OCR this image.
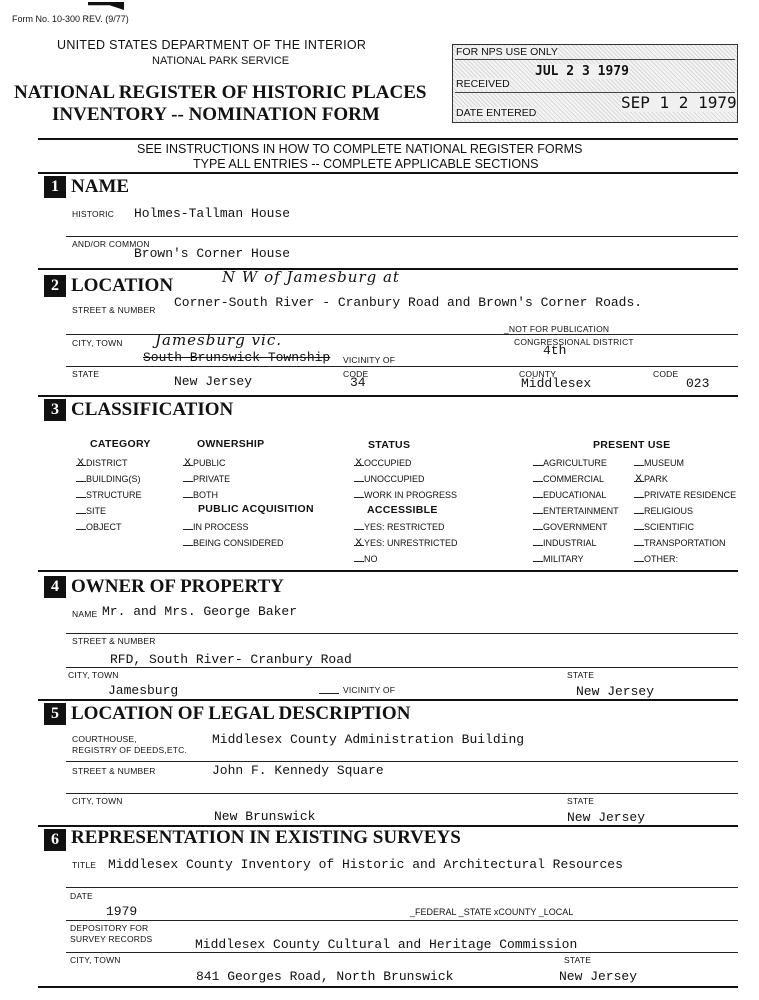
Form No. 10-300 REV. (9/77)
UNITED STATES DEPARTMENT OF THE INTERIOR
NATIONAL PARK SERVICE
NATIONAL REGISTER OF HISTORIC PLACES
INVENTORY -- NOMINATION FORM
FOR NPS USE ONLY
RECEIVED
JUL 2 3 1979
DATE ENTERED
SEP 1 2 1979
SEE INSTRUCTIONS IN HOW TO COMPLETE NATIONAL REGISTER FORMS
TYPE ALL ENTRIES -- COMPLETE APPLICABLE SECTIONS
1 NAME
HISTORIC Holmes-Tallman House
AND/OR COMMON
Brown's Corner House
2 LOCATION	N W of Jamesburg at
STREET & NUMBER Corner-South River - Cranbury Road and Brown's Corner Roads.
_NOT FOR PUBLICATION
CITY, TOWN Jamesburg vic.
South-Brunswick-Township VICINITY OF
CONGRESSIONAL DISTRICT
4th
STATE	New Jersey	CODE
34
COUNTY
Middlesex
CODE
023
3 CLASSIFICATION
CATEGORY
x DISTRICT
BUILDING(S)
STRUCTURE
SITE
OBJECT
OWNERSHIP
x PUBLIC
PRIVATE
BOTH
PUBLIC ACQUISITION
IN PROCESS
BEING CONSIDERED
STATUS
x OCCUPIED
UNOCCUPIED
WORK IN PROGRESS
ACCESSIBLE
YES: RESTRICTED
x YES: UNRESTRICTED
NO
PRESENT USE
AGRICULTURE
COMMERCIAL
EDUCATIONAL
ENTERTAINMENT
GOVERNMENT
INDUSTRIAL
MILITARY
MUSEUM
x PARK
PRIVATE RESIDENCE
RELIGIOUS
SCIENTIFIC
TRANSPORTATION
OTHER:
4 OWNER OF PROPERTY
NAME Mr. and Mrs. George Baker
STREET & NUMBER
RFD, South River- Cranbury Road
CITY, TOWN
Jamesburg	VICINITY OF
STATE
New Jersey
5 LOCATION OF LEGAL DESCRIPTION
COURTHOUSE,
REGISTRY OF DEEDS,ETC.
Middlesex County Administration Building
STREET & NUMBER	John F. Kennedy Square
CITY, TOWN
New Brunswick
STATE
New Jersey
6 REPRESENTATION IN EXISTING SURVEYS
TITLE Middlesex County Inventory of Historic and Architectural Resources
DATE
1979	_FEDERAL _STATE xCOUNTY _LOCAL
DEPOSITORY FOR
SURVEY RECORDS	Middlesex County Cultural and Heritage Commission
CITY, TOWN
841 Georges Road, North Brunswick
STATE
New Jersey
